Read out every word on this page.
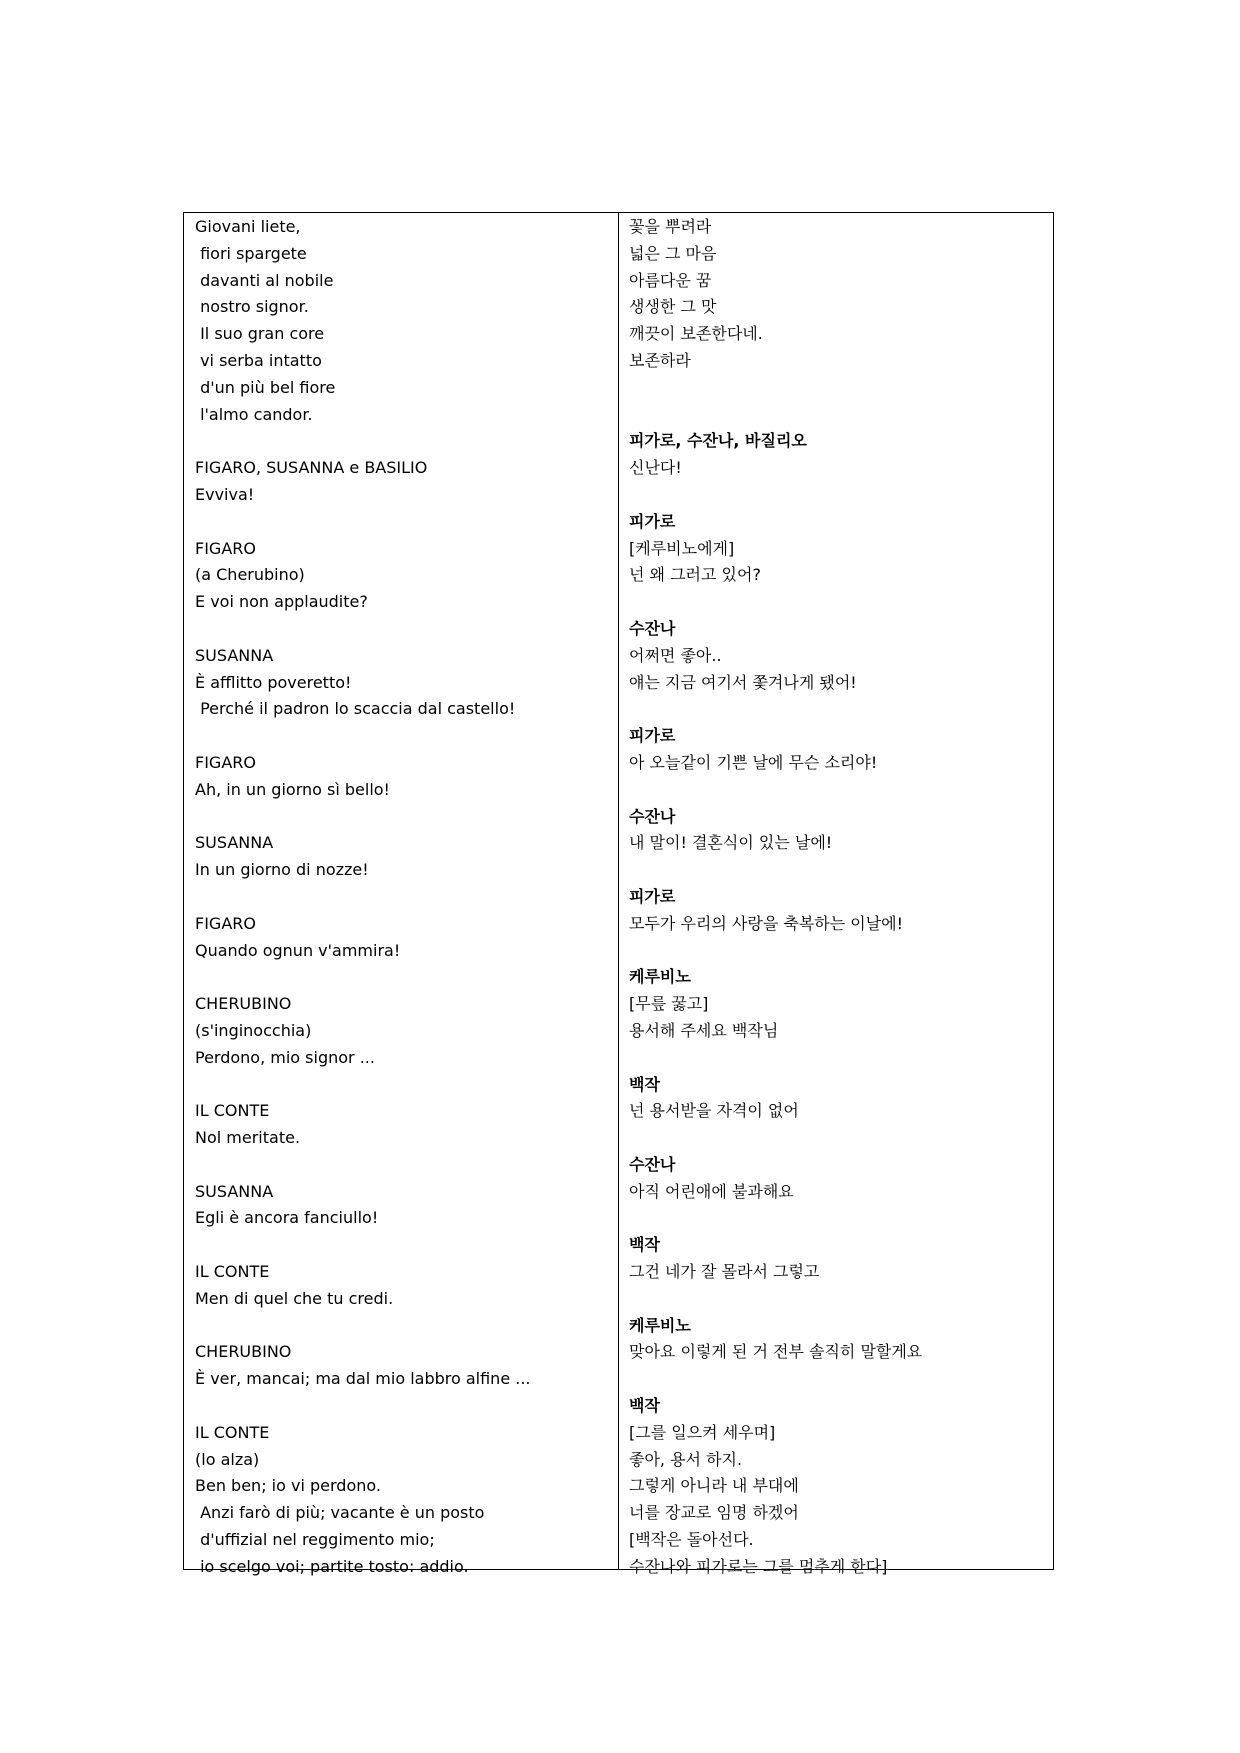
Giovani liete,
fiori spargete
davanti al nobile
nostro signor.
Il suo gran core
vi serba intatto
d'un più bel fiore
l'almo candor.
FIGARO, SUSANNA e BASILIO
Evviva!
FIGARO
(a Cherubino)
E voi non applaudite?
SUSANNA
È afflitto poveretto!
Perché il padron lo scaccia dal castello!
FIGARO
Ah, in un giorno sì bello!
SUSANNA
In un giorno di nozze!
FIGARO
Quando ognun v'ammira!
CHERUBINO
(s'inginocchia)
Perdono, mio signor ...
IL CONTE
Nol meritate.
SUSANNA
Egli è ancora fanciullo!
IL CONTE
Men di quel che tu credi.
CHERUBINO
È ver, mancai; ma dal mio labbro alfine ...
IL CONTE
(lo alza)
Ben ben; io vi perdono.
Anzi farò di più; vacante è un posto
d'uffizial nel reggimento mio;
io scelgo voi; partite tosto: addio.
꽃을 뿌려라
넓은 그 마음
아름다운 꿈
생생한 그 맛
깨끗이 보존한다네.
보존하라
피가로, 수잔나, 바질리오
신난다!
피가로
[케루비노에게]
넌 왜 그러고 있어?
수잔나
어쩌면 좋아..
얘는 지금 여기서 쫓겨나게 됐어!
피가로
아 오늘같이 기쁜 날에 무슨 소리야!
수잔나
내 말이! 결혼식이 있는 날에!
피가로
모두가 우리의 사랑을 축복하는 이날에!
케루비노
[무릎 꿇고]
용서해 주세요 백작님
백작
넌 용서받을 자격이 없어
수잔나
아직 어린애에 불과해요
백작
그건 네가 잘 몰라서 그렇고
케루비노
맞아요 이렇게 된 거 전부 솔직히 말할게요
백작
[그를 일으켜 세우며]
좋아, 용서 하지.
그렇게 아니라 내 부대에
너를 장교로 임명 하겠어
[백작은 돌아선다.
수잔나와 피가로는 그를 멈추게 한다]
